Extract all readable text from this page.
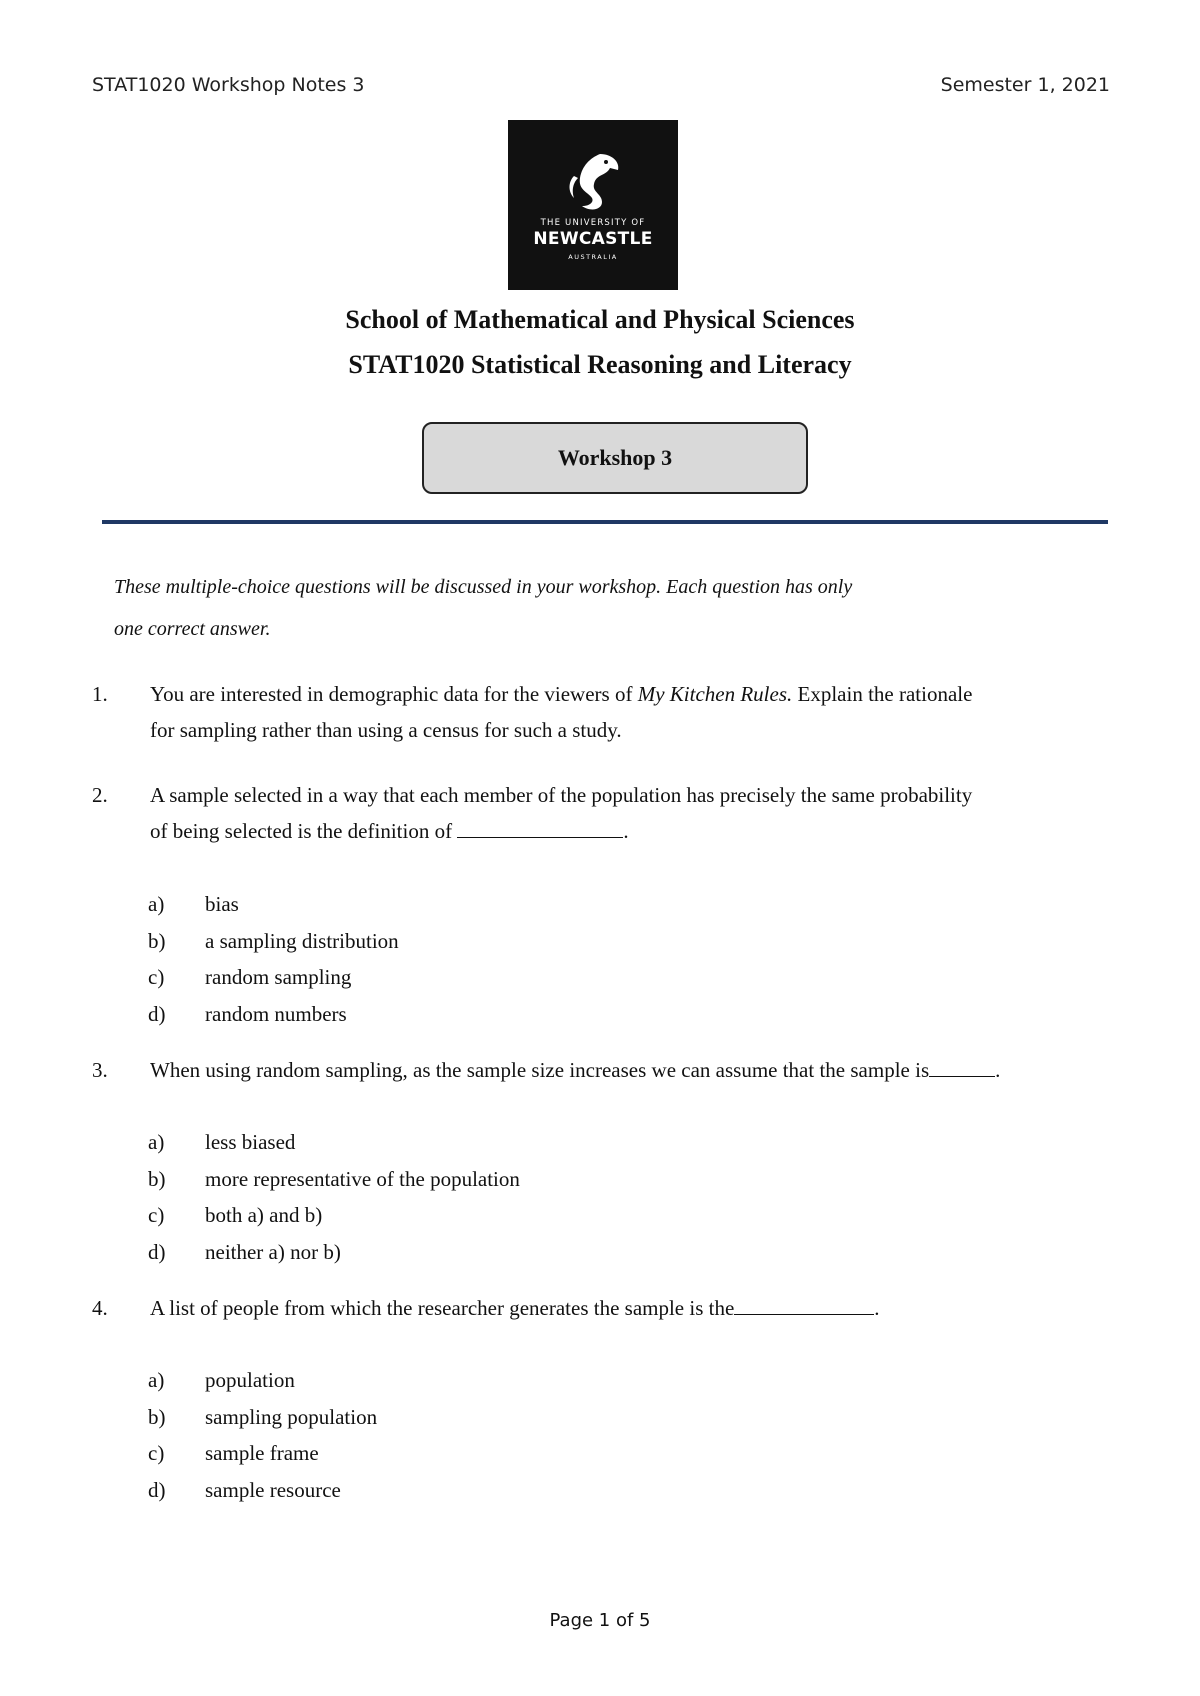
STAT1020 Workshop Notes 3	Semester 1, 2021
THE UNIVERSITY OF
NEWCASTLE
AUSTRALIA
School of Mathematical and Physical Sciences
STAT1020 Statistical Reasoning and Literacy
Workshop 3
These multiple-choice questions will be discussed in your workshop. Each question has only
one correct answer.
1. You are interested in demographic data for the viewers of My Kitchen Rules. Explain the rationale
for sampling rather than using a census for such a study.
2. A sample selected in a way that each member of the population has precisely the same probability
of being selected is the definition of	.
a) bias
b) a sampling distribution
c) random sampling
d) random numbers
3. When using random sampling, as the sample size increases we can assume that the sample is	.
a) less biased
b) more representative of the population
c) both a) and b)
d) neither a) nor b)
4. A list of people from which the researcher generates the sample is the	.
a) population
b) sampling population
c) sample frame
d) sample resource
Page 1 of 5
